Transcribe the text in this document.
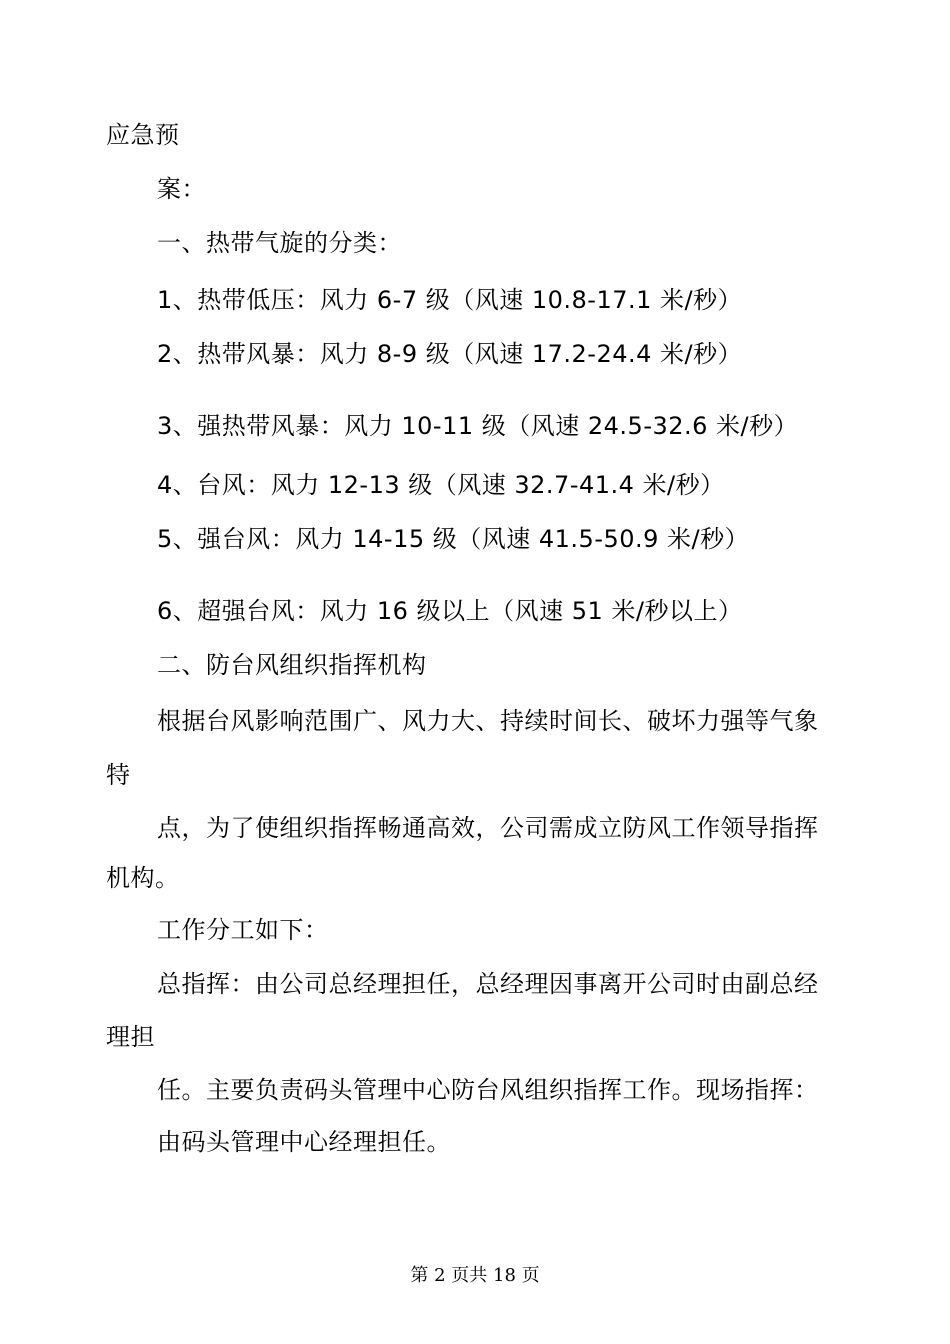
应急预
案：
一、热带气旋的分类：
1、热带低压：风力 6-7 级（风速 10.8-17.1 米/秒）
2、热带风暴：风力 8-9 级（风速 17.2-24.4 米/秒）
3、强热带风暴：风力 10-11 级（风速 24.5-32.6 米/秒）
4、台风：风力 12-13 级（风速 32.7-41.4 米/秒）
5、强台风：风力 14-15 级（风速 41.5-50.9 米/秒）
6、超强台风：风力 16 级以上（风速 51 米/秒以上）
二、防台风组织指挥机构
根据台风影响范围广、风力大、持续时间长、破坏力强等气象
特
点，为了使组织指挥畅通高效，公司需成立防风工作领导指挥
机构。
工作分工如下：
总指挥：由公司总经理担任，总经理因事离开公司时由副总经
理担
任。主要负责码头管理中心防台风组织指挥工作。现场指挥：
由码头管理中心经理担任。
第 2 页共 18 页
